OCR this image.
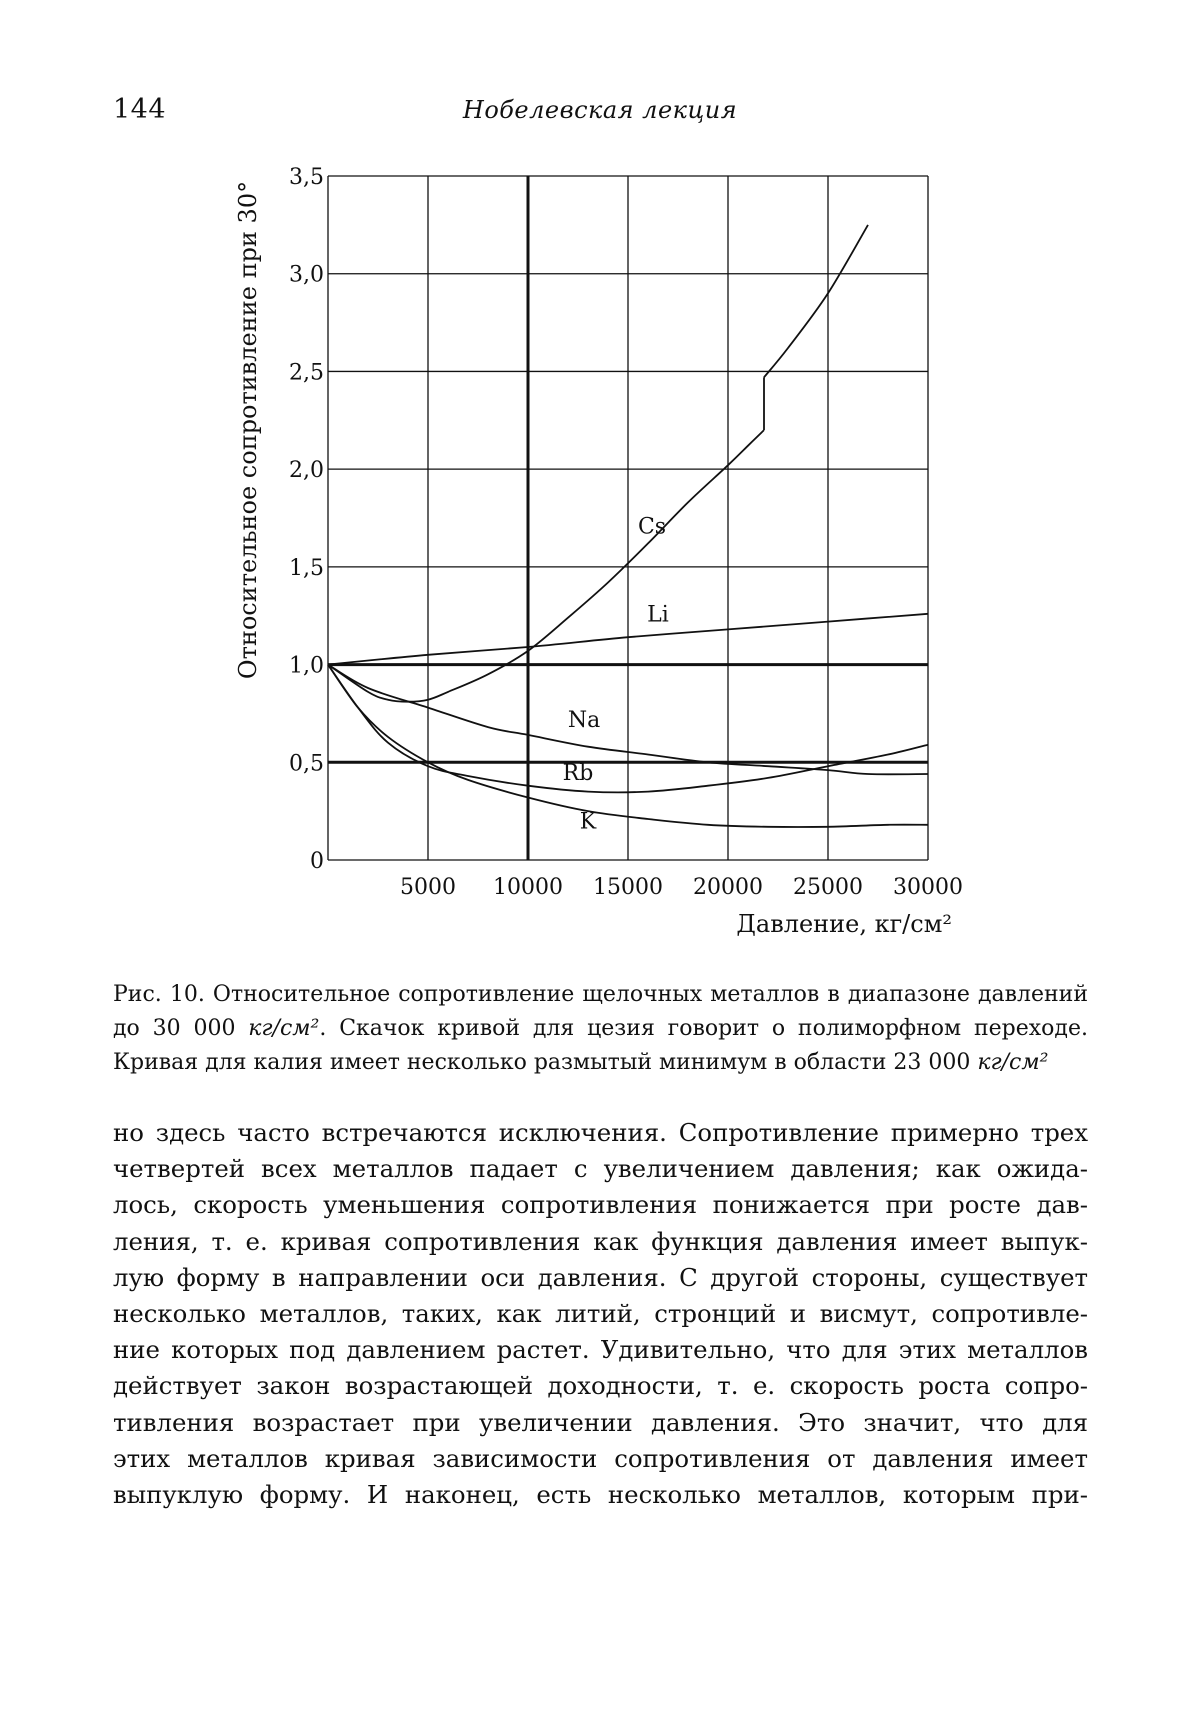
144	Нобелевская лекция
0
0,5
1,0
1,5
2,0
2,5
3,0
3,5
5000 10000 15000 20000 25000 30000
Cs
Li
Na
Rb
K
Относительное сопротивление при 30°
Давление, кг/см²
Рис. 10. Относительное сопротивление щелочных металлов в диапазоне давлений до 30 000 кг/см². Скачок кривой для цезия говорит о полиморфном переходе. Кривая для калия имеет несколько размытый минимум в области 23 000 кг/см²
но здесь часто встречаются исключения. Сопротивление примерно трех
четвертей всех металлов падает с увеличением давления; как ожида-
лось, скорость уменьшения сопротивления понижается при росте дав-
ления, т. е. кривая сопротивления как функция давления имеет выпук-
лую форму в направлении оси давления. С другой стороны, существует
несколько металлов, таких, как литий, стронций и висмут, сопротивле-
ние которых под давлением растет. Удивительно, что для этих металлов
действует закон возрастающей доходности, т. е. скорость роста сопро-
тивления возрастает при увеличении давления. Это значит, что для
этих металлов кривая зависимости сопротивления от давления имеет
выпуклую форму. И наконец, есть несколько металлов, которым при-
